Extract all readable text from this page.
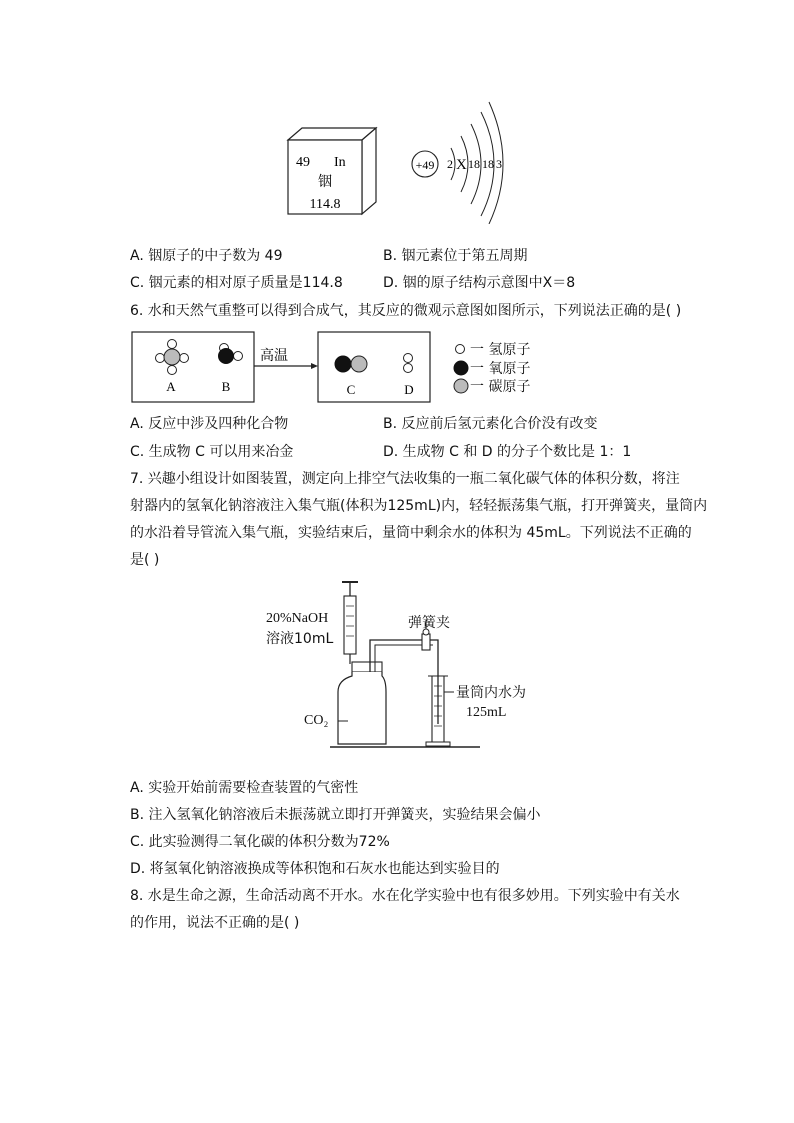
49 In
铟
114.8
+49 2 X 18 18 3
A. 铟原子的中子数为 49	B. 铟元素位于第五周期
C. 铟元素的相对原子质量是114.8	D. 铟的原子结构示意图中X＝8
6. 水和天然气重整可以得到合成气，其反应的微观示意图如图所示，下列说法正确的是( )
A	B
高温
C	D
一 氢原子
一 氧原子
一 碳原子
A. 反应中涉及四种化合物	B. 反应前后氢元素化合价没有改变
C. 生成物 C 可以用来冶金	D. 生成物 C 和 D 的分子个数比是 1：1
7. 兴趣小组设计如图装置，测定向上排空气法收集的一瓶二氧化碳气体的体积分数，将注
射器内的氢氧化钠溶液注入集气瓶(体积为125mL)内，轻轻振荡集气瓶，打开弹簧夹，量筒内
的水沿着导管流入集气瓶，实验结束后，量筒中剩余水的体积为 45mL。下列说法不正确的
是( )
20%NaOH
溶液10mL
弹簧夹
CO₂
量筒内水为
125mL
A. 实验开始前需要检查装置的气密性
B. 注入氢氧化钠溶液后未振荡就立即打开弹簧夹，实验结果会偏小
C. 此实验测得二氧化碳的体积分数为72%
D. 将氢氧化钠溶液换成等体积饱和石灰水也能达到实验目的
8. 水是生命之源，生命活动离不开水。水在化学实验中也有很多妙用。下列实验中有关水
的作用，说法不正确的是( )
